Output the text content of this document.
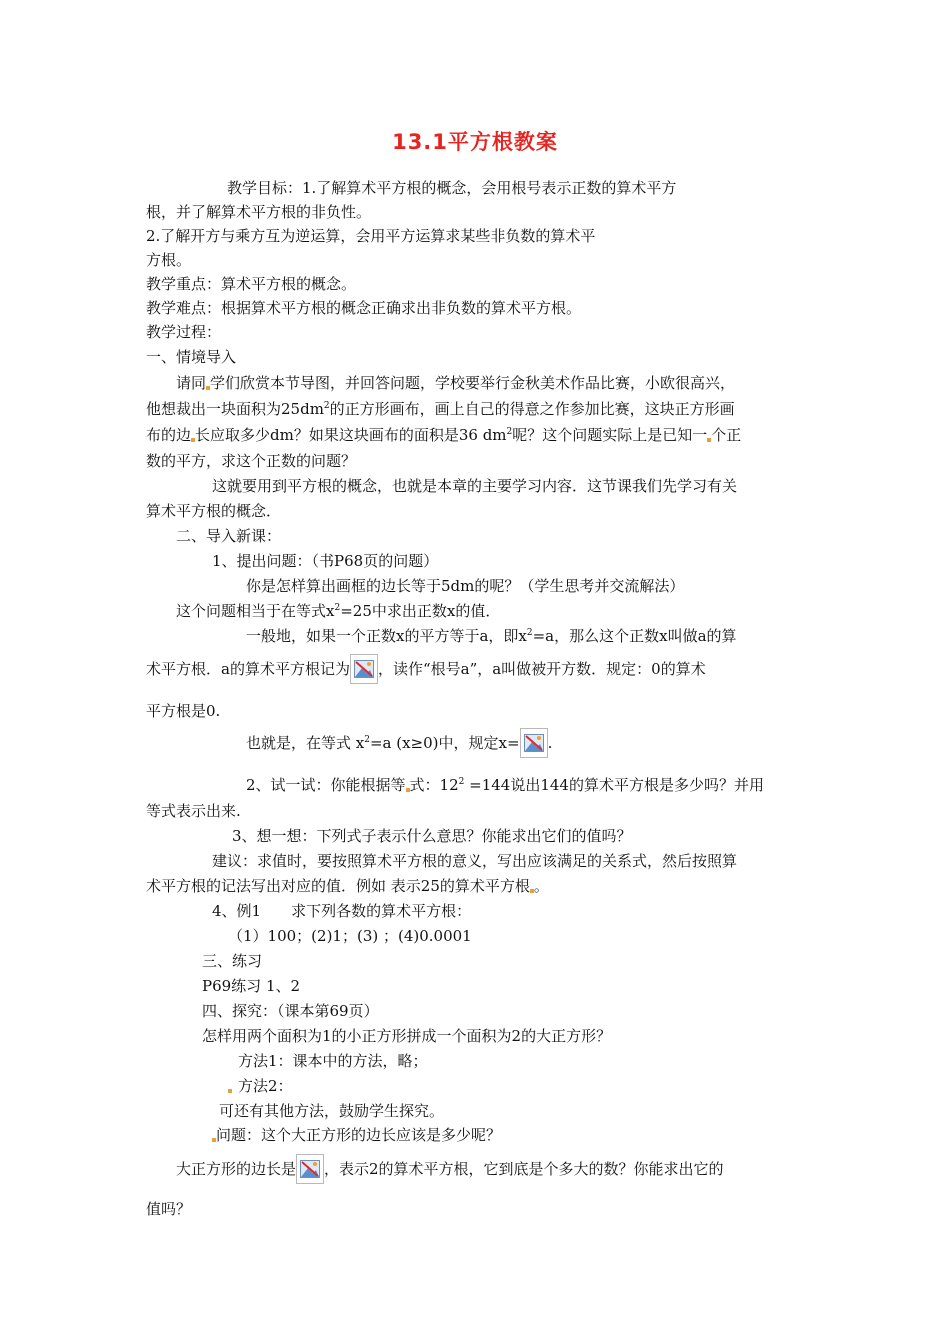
13.1平方根教案
教学目标：1.了解算术平方根的概念，会用根号表示正数的算术平方
根，并了解算术平方根的非负性。
2.了解开方与乘方互为逆运算，会用平方运算求某些非负数的算术平
方根。
教学重点：算术平方根的概念。
教学难点：根据算术平方根的概念正确求出非负数的算术平方根。
教学过程：
一、情境导入
请同 学们欣赏本节导图，并回答问题，学校要举行金秋美术作品比赛，小欧很高兴，
他想裁出一块面积为$25dm^2$的正方形画布，画上自己的得意之作参加比赛，这块正方形画
布的边 长应取多少dm？如果这块画布的面积是36 $dm^2$呢？这个问题实际上是已知一 个正
数的平方，求这个正数的问题？
这就要用到平方根的概念，也就是本章的主要学习内容．这节课我们先学习有关
算术平方根的概念．
二、导入新课：
1、提出问题：（书P68页的问题）
你是怎样算出画框的边长等于5dm的呢？（学生思考并交流解法）
这个问题相当于在等式$x^2=25$中求出正数x的值．
一般地，如果一个正数x的平方等于a，即$x^2=a$，那么这个正数x叫做a的算
术平方根．a的算术平方根记为 ，读作“根号a”，a叫做被开方数．规定：0的算术
平方根是0.
也就是，在等式 $x^2=a$ (x≥0)中，规定x= .
2、试一试：你能根据等 式：$12^2 =144$说出144的算术平方根是多少吗？并用
等式表示出来.
3、想一想：下列式子表示什么意思？你能求出它们的值吗？
建议：求值时，要按照算术平方根的意义，写出应该满足的关系式，然后按照算
术平方根的记法写出对应的值．例如 表示25的算术平方根 。
4、例1　　求下列各数的算术平方根：
（1）100；(2)1；(3) ；(4)0.0001
三、练习
P69练习 1、2
四、探究：（课本第69页）
怎样用两个面积为1的小正方形拼成一个面积为2的大正方形？
方法1：课本中的方法，略；
方法2：
可还有其他方法，鼓励学生探究。
问题：这个大正方形的边长应该是多少呢？
大正方形的边长是 ，表示2的算术平方根，它到底是个多大的数？你能求出它的
值吗？
